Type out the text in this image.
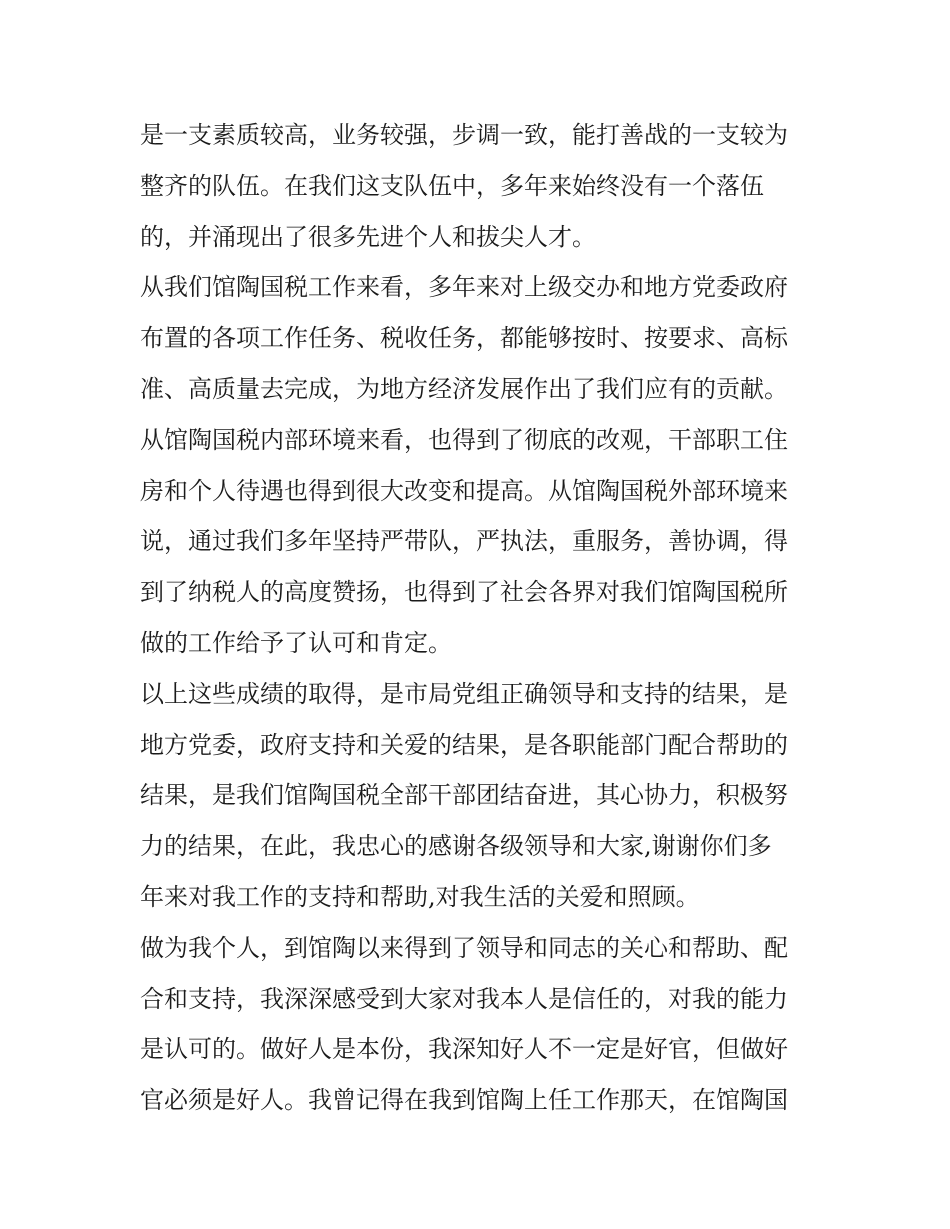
是一支素质较高，业务较强，步调一致，能打善战的一支较为
整齐的队伍。在我们这支队伍中，多年来始终没有一个落伍
的，并涌现出了很多先进个人和拔尖人才。
从我们馆陶国税工作来看，多年来对上级交办和地方党委政府
布置的各项工作任务、税收任务，都能够按时、按要求、高标
准、高质量去完成，为地方经济发展作出了我们应有的贡献。
从馆陶国税内部环境来看，也得到了彻底的改观，干部职工住
房和个人待遇也得到很大改变和提高。从馆陶国税外部环境来
说，通过我们多年坚持严带队，严执法，重服务，善协调，得
到了纳税人的高度赞扬，也得到了社会各界对我们馆陶国税所
做的工作给予了认可和肯定。
以上这些成绩的取得，是市局党组正确领导和支持的结果，是
地方党委，政府支持和关爱的结果，是各职能部门配合帮助的
结果，是我们馆陶国税全部干部团结奋进，其心协力，积极努
力的结果，在此，我忠心的感谢各级领导和大家,谢谢你们多
年来对我工作的支持和帮助,对我生活的关爱和照顾。
做为我个人，到馆陶以来得到了领导和同志的关心和帮助、配
合和支持，我深深感受到大家对我本人是信任的，对我的能力
是认可的。做好人是本份，我深知好人不一定是好官，但做好
官必须是好人。我曾记得在我到馆陶上任工作那天，在馆陶国
